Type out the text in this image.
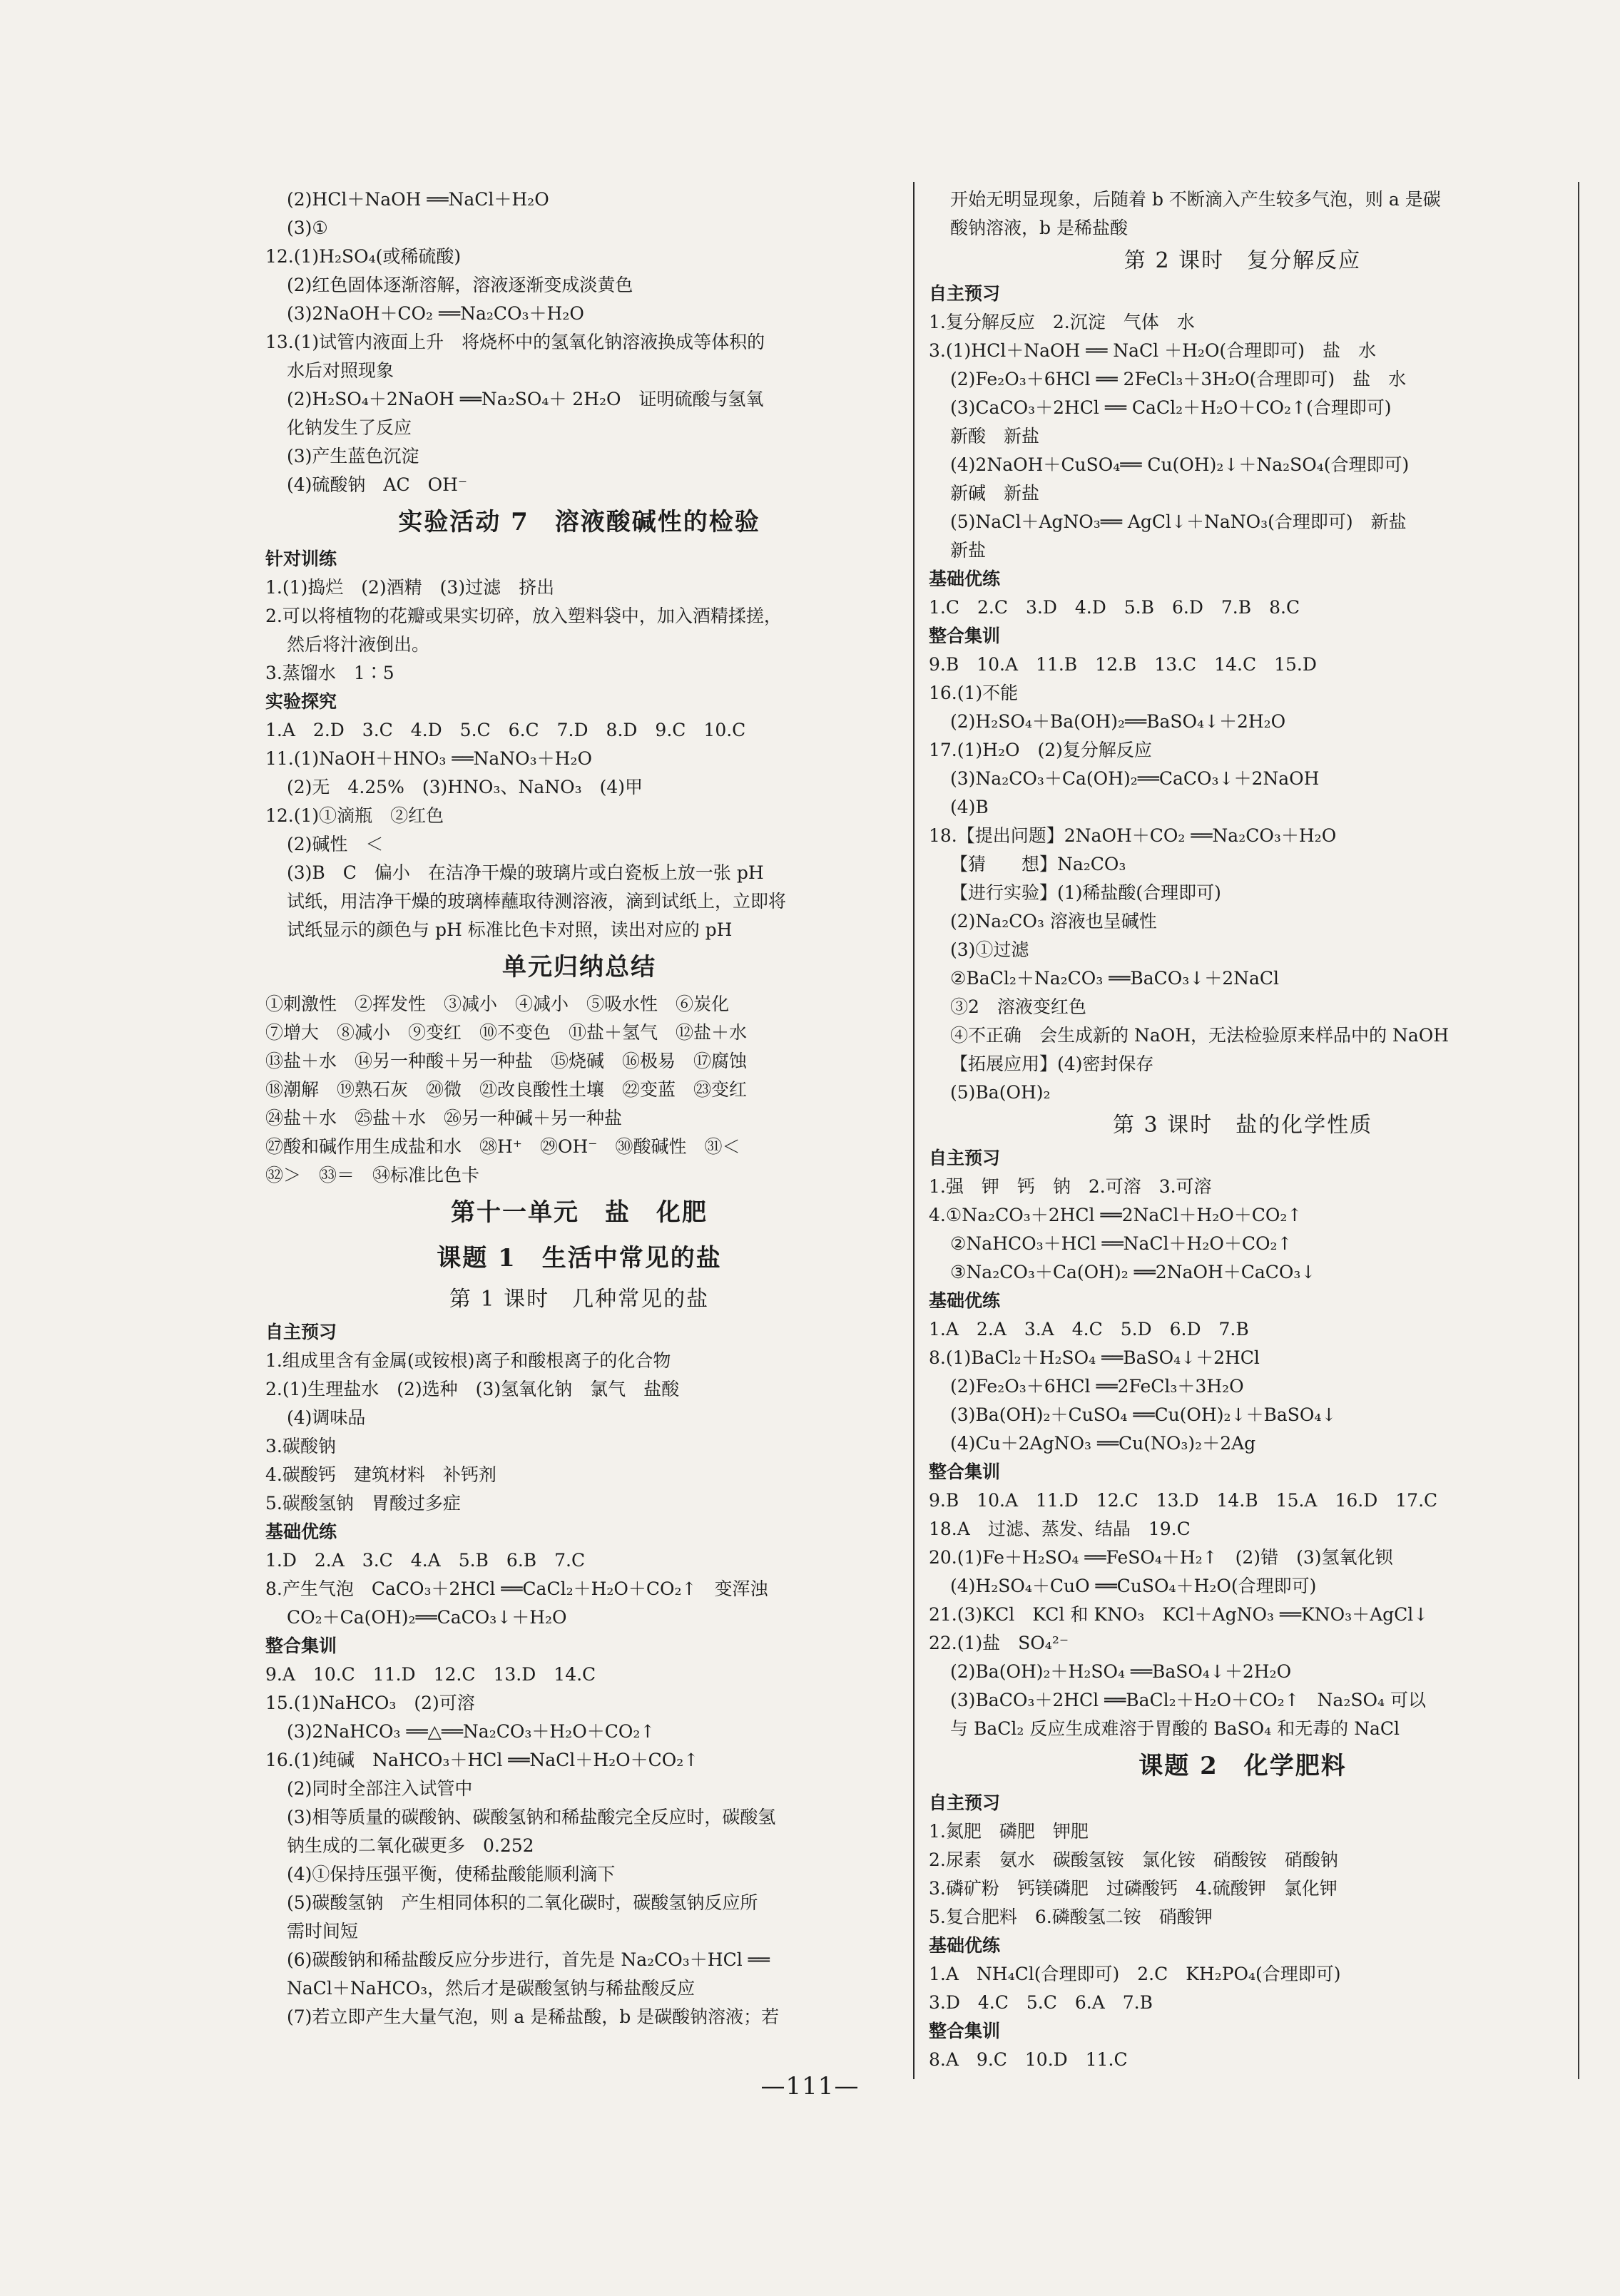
(2)HCl＋NaOH ══NaCl＋H₂O
(3)①
12.(1)H₂SO₄(或稀硫酸)
(2)红色固体逐渐溶解，溶液逐渐变成淡黄色
(3)2NaOH＋CO₂ ══Na₂CO₃＋H₂O
13.(1)试管内液面上升　将烧杯中的氢氧化钠溶液换成等体积的
水后对照现象
(2)H₂SO₄＋2NaOH ══Na₂SO₄＋ 2H₂O　证明硫酸与氢氧
化钠发生了反应
(3)产生蓝色沉淀
(4)硫酸钠　AC　OH⁻
实验活动 7　溶液酸碱性的检验
针对训练
1.(1)捣烂　(2)酒精　(3)过滤　挤出
2.可以将植物的花瓣或果实切碎，放入塑料袋中，加入酒精揉搓，
然后将汁液倒出。
3.蒸馏水　1∶5
实验探究
1.A　2.D　3.C　4.D　5.C　6.C　7.D　8.D　9.C　10.C
11.(1)NaOH＋HNO₃ ══NaNO₃＋H₂O
(2)无　4.25%　(3)HNO₃、NaNO₃　(4)甲
12.(1)①滴瓶　②红色
(2)碱性　＜
(3)B　C　偏小　在洁净干燥的玻璃片或白瓷板上放一张 pH
试纸，用洁净干燥的玻璃棒蘸取待测溶液，滴到试纸上，立即将
试纸显示的颜色与 pH 标准比色卡对照，读出对应的 pH
单元归纳总结
①刺激性　②挥发性　③减小　④减小　⑤吸水性　⑥炭化
⑦增大　⑧减小　⑨变红　⑩不变色　⑪盐＋氢气　⑫盐＋水
⑬盐＋水　⑭另一种酸＋另一种盐　⑮烧碱　⑯极易　⑰腐蚀
⑱潮解　⑲熟石灰　⑳微　㉑改良酸性土壤　㉒变蓝　㉓变红
㉔盐＋水　㉕盐＋水　㉖另一种碱＋另一种盐
㉗酸和碱作用生成盐和水　㉘H⁺　㉙OH⁻　㉚酸碱性　㉛＜
㉜＞　㉝＝　㉞标准比色卡
第十一单元　盐　化肥
课题 1　生活中常见的盐
第 1 课时　几种常见的盐
自主预习
1.组成里含有金属(或铵根)离子和酸根离子的化合物
2.(1)生理盐水　(2)选种　(3)氢氧化钠　氯气　盐酸
(4)调味品
3.碳酸钠
4.碳酸钙　建筑材料　补钙剂
5.碳酸氢钠　胃酸过多症
基础优练
1.D　2.A　3.C　4.A　5.B　6.B　7.C
8.产生气泡　CaCO₃＋2HCl ══CaCl₂＋H₂O＋CO₂↑　变浑浊
CO₂＋Ca(OH)₂══CaCO₃↓＋H₂O
整合集训
9.A　10.C　11.D　12.C　13.D　14.C
15.(1)NaHCO₃　(2)可溶
(3)2NaHCO₃ ══△══Na₂CO₃＋H₂O＋CO₂↑
16.(1)纯碱　NaHCO₃＋HCl ══NaCl＋H₂O＋CO₂↑
(2)同时全部注入试管中
(3)相等质量的碳酸钠、碳酸氢钠和稀盐酸完全反应时，碳酸氢
钠生成的二氧化碳更多　0.252
(4)①保持压强平衡，使稀盐酸能顺利滴下
(5)碳酸氢钠　产生相同体积的二氧化碳时，碳酸氢钠反应所
需时间短
(6)碳酸钠和稀盐酸反应分步进行，首先是 Na₂CO₃＋HCl ══
NaCl＋NaHCO₃，然后才是碳酸氢钠与稀盐酸反应
(7)若立即产生大量气泡，则 a 是稀盐酸，b 是碳酸钠溶液；若
开始无明显现象，后随着 b 不断滴入产生较多气泡，则 a 是碳
酸钠溶液，b 是稀盐酸
第 2 课时　复分解反应
自主预习
1.复分解反应　2.沉淀　气体　水
3.(1)HCl＋NaOH ══ NaCl ＋H₂O(合理即可)　盐　水
(2)Fe₂O₃＋6HCl ══ 2FeCl₃＋3H₂O(合理即可)　盐　水
(3)CaCO₃＋2HCl ══ CaCl₂＋H₂O＋CO₂↑(合理即可)
新酸　新盐
(4)2NaOH＋CuSO₄══ Cu(OH)₂↓＋Na₂SO₄(合理即可)
新碱　新盐
(5)NaCl＋AgNO₃══ AgCl↓＋NaNO₃(合理即可)　新盐
新盐
基础优练
1.C　2.C　3.D　4.D　5.B　6.D　7.B　8.C
整合集训
9.B　10.A　11.B　12.B　13.C　14.C　15.D
16.(1)不能
(2)H₂SO₄＋Ba(OH)₂══BaSO₄↓＋2H₂O
17.(1)H₂O　(2)复分解反应
(3)Na₂CO₃＋Ca(OH)₂══CaCO₃↓＋2NaOH
(4)B
18.【提出问题】2NaOH＋CO₂ ══Na₂CO₃＋H₂O
【猜　　想】Na₂CO₃
【进行实验】(1)稀盐酸(合理即可)
(2)Na₂CO₃ 溶液也呈碱性
(3)①过滤
②BaCl₂＋Na₂CO₃ ══BaCO₃↓＋2NaCl
③2　溶液变红色
④不正确　会生成新的 NaOH，无法检验原来样品中的 NaOH
【拓展应用】(4)密封保存
(5)Ba(OH)₂
第 3 课时　盐的化学性质
自主预习
1.强　钾　钙　钠　2.可溶　3.可溶
4.①Na₂CO₃＋2HCl ══2NaCl＋H₂O＋CO₂↑
②NaHCO₃＋HCl ══NaCl＋H₂O＋CO₂↑
③Na₂CO₃＋Ca(OH)₂ ══2NaOH＋CaCO₃↓
基础优练
1.A　2.A　3.A　4.C　5.D　6.D　7.B
8.(1)BaCl₂＋H₂SO₄ ══BaSO₄↓＋2HCl
(2)Fe₂O₃＋6HCl ══2FeCl₃＋3H₂O
(3)Ba(OH)₂＋CuSO₄ ══Cu(OH)₂↓＋BaSO₄↓
(4)Cu＋2AgNO₃ ══Cu(NO₃)₂＋2Ag
整合集训
9.B　10.A　11.D　12.C　13.D　14.B　15.A　16.D　17.C
18.A　过滤、蒸发、结晶　19.C
20.(1)Fe＋H₂SO₄ ══FeSO₄＋H₂↑　(2)错　(3)氢氧化钡
(4)H₂SO₄＋CuO ══CuSO₄＋H₂O(合理即可)
21.(3)KCl　KCl 和 KNO₃　KCl＋AgNO₃ ══KNO₃＋AgCl↓
22.(1)盐　SO₄²⁻
(2)Ba(OH)₂＋H₂SO₄ ══BaSO₄↓＋2H₂O
(3)BaCO₃＋2HCl ══BaCl₂＋H₂O＋CO₂↑　Na₂SO₄ 可以
与 BaCl₂ 反应生成难溶于胃酸的 BaSO₄ 和无毒的 NaCl
课题 2　化学肥料
自主预习
1.氮肥　磷肥　钾肥
2.尿素　氨水　碳酸氢铵　氯化铵　硝酸铵　硝酸钠
3.磷矿粉　钙镁磷肥　过磷酸钙　4.硫酸钾　氯化钾
5.复合肥料　6.磷酸氢二铵　硝酸钾
基础优练
1.A　NH₄Cl(合理即可)　2.C　KH₂PO₄(合理即可)
3.D　4.C　5.C　6.A　7.B
整合集训
8.A　9.C　10.D　11.C
—111—
